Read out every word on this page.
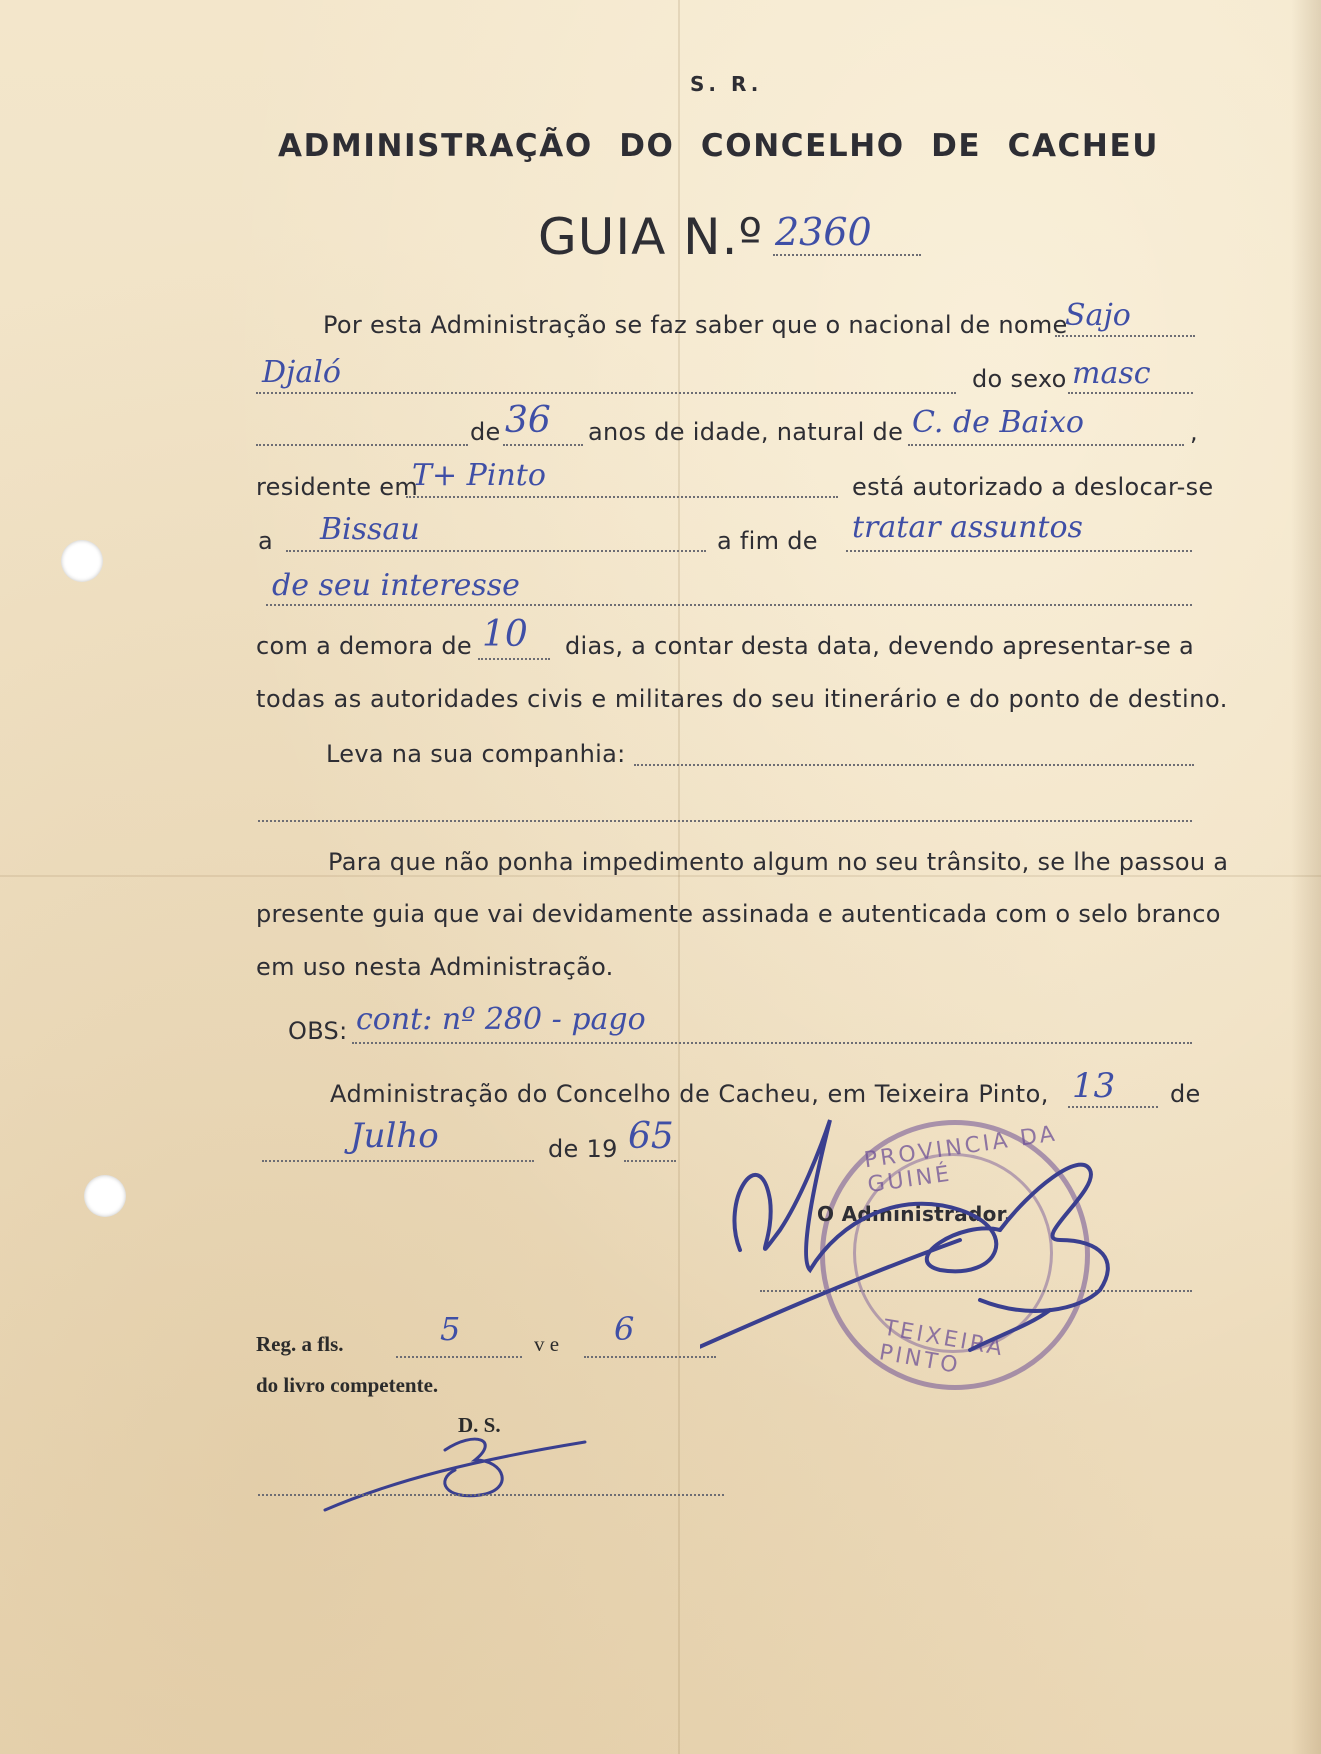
S. R.
ADMINISTRAÇÃO DO CONCELHO DE CACHEU
GUIA N.º 2360
Por esta Administração se faz saber que o nacional de nome
Sajo
Djaló	do sexo masc
de 36 anos de idade, natural de C. de Baixo	,
residente em
T+ Pinto	está autorizado a deslocar-se
a Bissau	a fim de tratar assuntos
de seu interesse
com a demora de 10 dias, a contar desta data, devendo apresentar-se a
todas as autoridades civis e militares do seu itinerário e do ponto de destino.
Leva na sua companhia:
Para que não ponha impedimento algum no seu trânsito, se lhe passou a
presente guia que vai devidamente assinada e autenticada com o selo branco
em uso nesta Administração.
OBS: cont: nº 280 - pago
Administração do Concelho de Cacheu, em Teixeira Pinto, 13 de
Julho	de 19 65	PROVINCIA DA GUINÉ
TEIXEIRA PINTO
O Administrador,
Reg. a fls.	5	v e 6
do livro competente.
D. S.
